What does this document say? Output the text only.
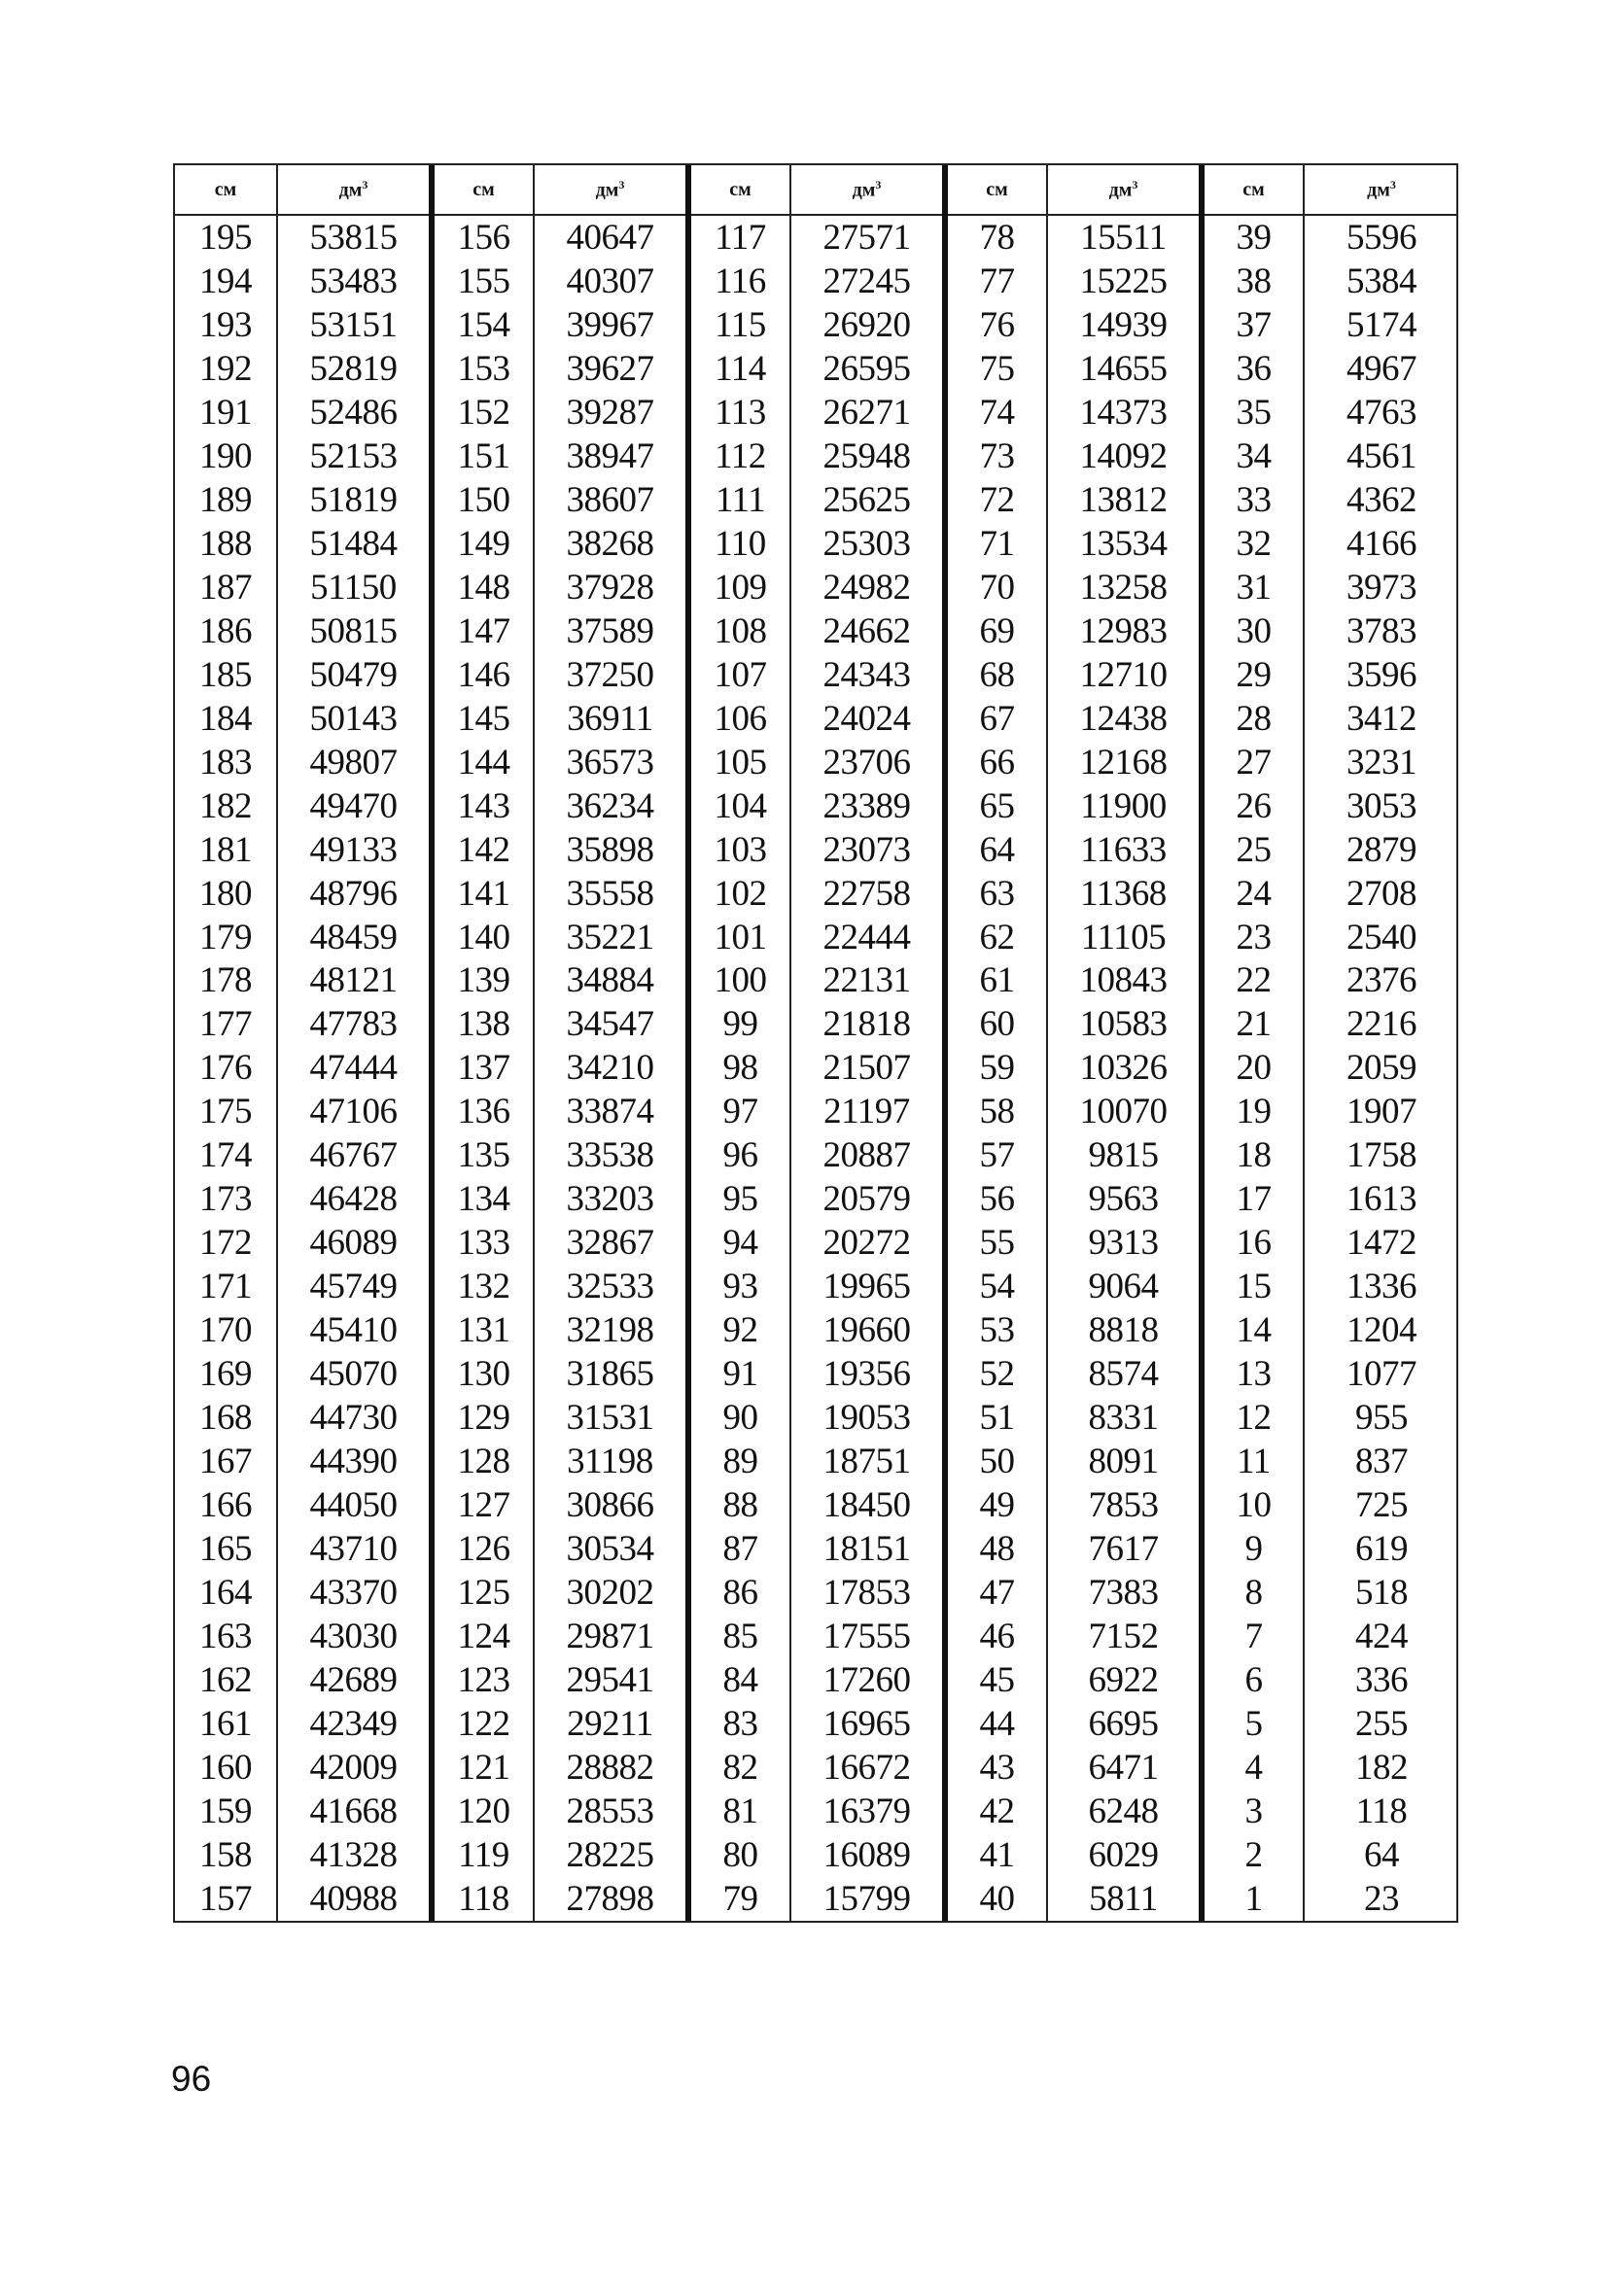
см	$дм^3$	см	$дм^3$	см	$дм^3$	см	$дм^3$	см	$дм^3$
195	53815	156	40647	117	27571	78	15511	39	5596
194	53483	155	40307	116	27245	77	15225	38	5384
193	53151	154	39967	115	26920	76	14939	37	5174
192	52819	153	39627	114	26595	75	14655	36	4967
191	52486	152	39287	113	26271	74	14373	35	4763
190	52153	151	38947	112	25948	73	14092	34	4561
189	51819	150	38607	111	25625	72	13812	33	4362
188	51484	149	38268	110	25303	71	13534	32	4166
187	51150	148	37928	109	24982	70	13258	31	3973
186	50815	147	37589	108	24662	69	12983	30	3783
185	50479	146	37250	107	24343	68	12710	29	3596
184	50143	145	36911	106	24024	67	12438	28	3412
183	49807	144	36573	105	23706	66	12168	27	3231
182	49470	143	36234	104	23389	65	11900	26	3053
181	49133	142	35898	103	23073	64	11633	25	2879
180	48796	141	35558	102	22758	63	11368	24	2708
179	48459	140	35221	101	22444	62	11105	23	2540
178	48121	139	34884	100	22131	61	10843	22	2376
177	47783	138	34547	99	21818	60	10583	21	2216
176	47444	137	34210	98	21507	59	10326	20	2059
175	47106	136	33874	97	21197	58	10070	19	1907
174	46767	135	33538	96	20887	57	9815	18	1758
173	46428	134	33203	95	20579	56	9563	17	1613
172	46089	133	32867	94	20272	55	9313	16	1472
171	45749	132	32533	93	19965	54	9064	15	1336
170	45410	131	32198	92	19660	53	8818	14	1204
169	45070	130	31865	91	19356	52	8574	13	1077
168	44730	129	31531	90	19053	51	8331	12	955
167	44390	128	31198	89	18751	50	8091	11	837
166	44050	127	30866	88	18450	49	7853	10	725
165	43710	126	30534	87	18151	48	7617	9	619
164	43370	125	30202	86	17853	47	7383	8	518
163	43030	124	29871	85	17555	46	7152	7	424
162	42689	123	29541	84	17260	45	6922	6	336
161	42349	122	29211	83	16965	44	6695	5	255
160	42009	121	28882	82	16672	43	6471	4	182
159	41668	120	28553	81	16379	42	6248	3	118
158	41328	119	28225	80	16089	41	6029	2	64
157	40988	118	27898	79	15799	40	5811	1	23
96
